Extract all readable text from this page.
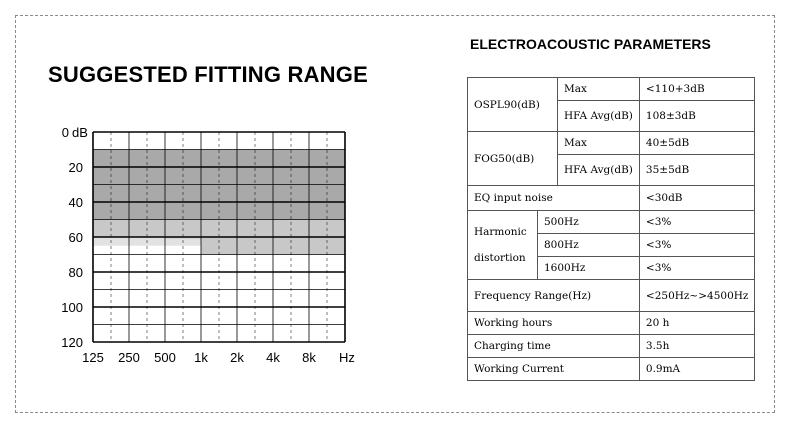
SUGGESTED FITTING RANGE
0
20
40
60
80
100
120
dB
125 250 500 1k 2k 4k 8k Hz
ELECTROACOUSTIC PARAMETERS
OSPL90(dB)		Max	<110+3dB
		HFA Avg(dB)	108±3dB
FOG50(dB)		Max	40±5dB
		HFA Avg(dB)	35±5dB
EQ input noise			<30dB

Harmonic
distortion	500Hz		<3%
	800Hz		<3%
	1600Hz		<3%
Frequency Range(Hz)			<250Hz~>4500Hz
Working hours			20 h
Charging time			3.5h
Working Current			0.9mA
